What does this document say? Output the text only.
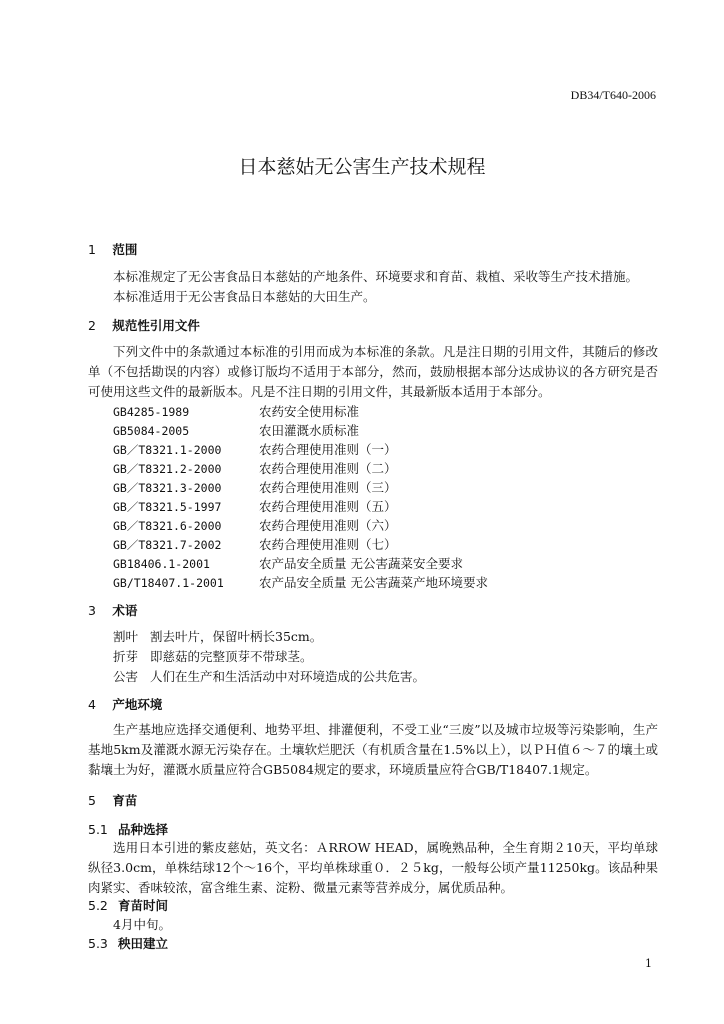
DB34/T640-2006
日本慈姑无公害生产技术规程
1 范围
本标准规定了无公害食品日本慈姑的产地条件、环境要求和育苗、栽植、采收等生产技术措施。
本标准适用于无公害食品日本慈姑的大田生产。
2 规范性引用文件

下列文件中的条款通过本标准的引用而成为本标准的条款。凡是注日期的引用文件，其随后的修改单（不包括勘误的内容）或修订版均不适用于本部分，然而，鼓励根据本部分达成协议的各方研究是否可使用这些文件的最新版本。凡是不注日期的引用文件，其最新版本适用于本部分。

GB4285-1989	农药安全使用标准
GB5084-2005	农田灌溉水质标准
GB／T8321.1-2000	农药合理使用准则（一）
GB／T8321.2-2000	农药合理使用准则（二）
GB／T8321.3-2000	农药合理使用准则（三）
GB／T8321.5-1997	农药合理使用准则（五）
GB／T8321.6-2000	农药合理使用准则（六）
GB／T8321.7-2002	农药合理使用准则（七）
GB18406.1-2001	农产品安全质量 无公害蔬菜安全要求
GB/T18407.1-2001	农产品安全质量 无公害蔬菜产地环境要求
3 术语
割叶 割去叶片，保留叶柄长35cm。
折芽 即慈菇的完整顶芽不带球茎。
公害 人们在生产和生活活动中对环境造成的公共危害。
4 产地环境

生产基地应选择交通便利、地势平坦、排灌便利，不受工业“三废”以及城市垃圾等污染影响，生产基地5km及灌溉水源无污染存在。土壤软烂肥沃（有机质含量在1.5%以上），以ＰＨ值６～７的壤土或黏壤土为好，灌溉水质量应符合GB5084规定的要求，环境质量应符合GB/T18407.1规定。

5 育苗
5.1 品种选择

选用日本引进的紫皮慈姑，英文名：ＡRROW HEAD，属晚熟品种，全生育期２10天，平均单球纵径3.0cm，单株结球12个～16个，平均单株球重０．２５kg，一般每公顷产量11250kg。该品种果肉紧实、香味较浓，富含维生素、淀粉、微量元素等营养成分，属优质品种。

5.2 育苗时间
4月中旬。
5.3 秧田建立
1
